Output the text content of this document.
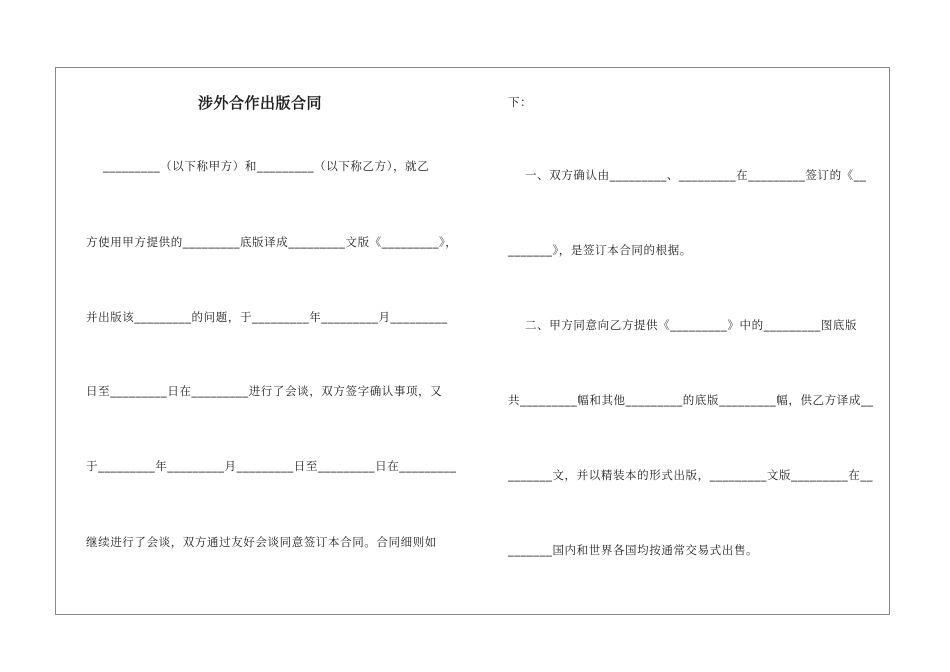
涉外合作出版合同
_________（以下称甲方）和_________（以下称乙方），就乙
方使用甲方提供的_________底版译成_________文版《_________》，
并出版该_________的问题，于_________年_________月_________
日至_________日在_________进行了会谈，双方签字确认事项，又
于_________年_________月_________日至_________日在_________
继续进行了会谈，双方通过友好会谈同意签订本合同。合同细则如
下：
一、双方确认由_________、_________在_________签订的《__
_______》，是签订本合同的根据。
二、甲方同意向乙方提供《_________》中的_________图底版
共_________幅和其他_________的底版_________幅，供乙方译成__
_______文，并以精装本的形式出版，_________文版_________在__
_______国内和世界各国均按通常交易式出售。
